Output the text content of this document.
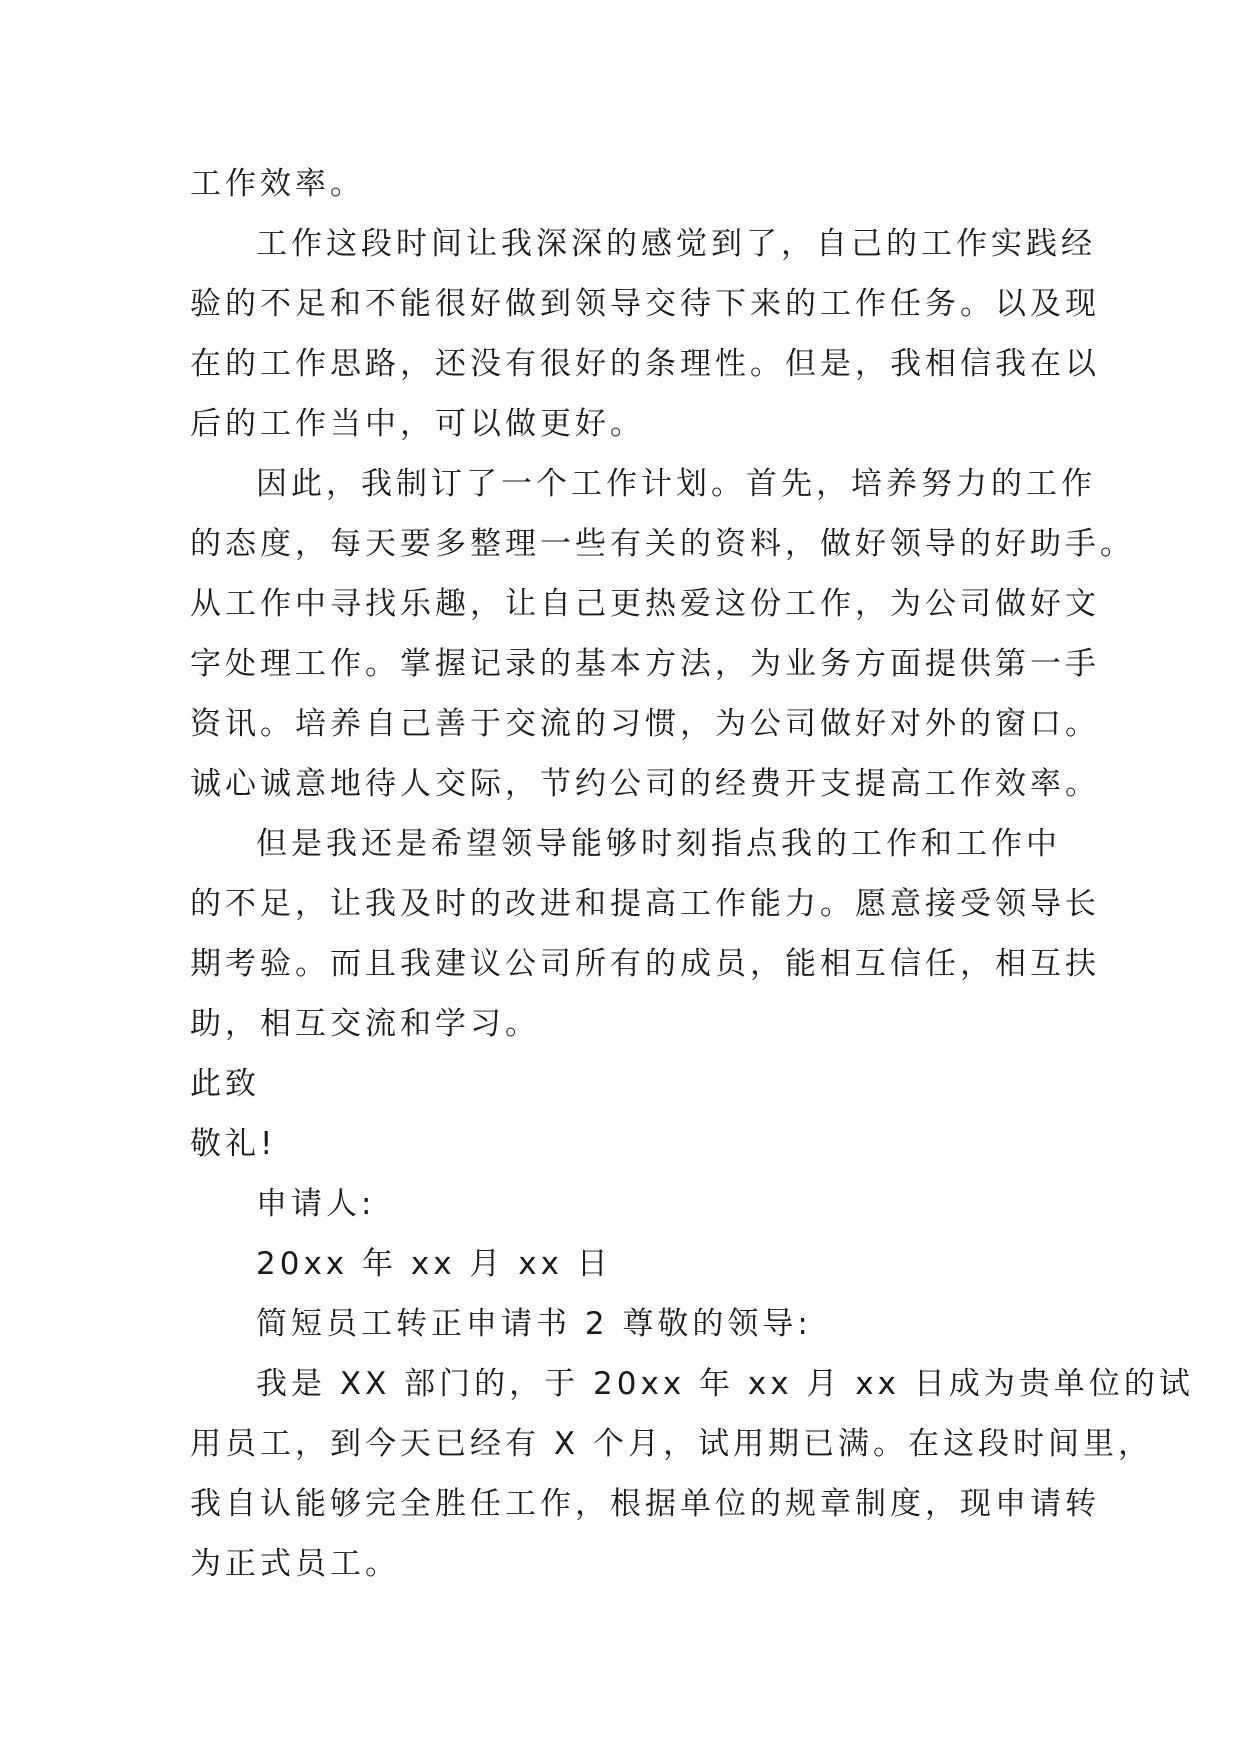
工作效率。
工作这段时间让我深深的感觉到了，自己的工作实践经
验的不足和不能很好做到领导交待下来的工作任务。以及现
在的工作思路，还没有很好的条理性。但是，我相信我在以
后的工作当中，可以做更好。
因此，我制订了一个工作计划。首先，培养努力的工作
的态度，每天要多整理一些有关的资料，做好领导的好助手。
从工作中寻找乐趣，让自己更热爱这份工作，为公司做好文
字处理工作。掌握记录的基本方法，为业务方面提供第一手
资讯。培养自己善于交流的习惯，为公司做好对外的窗口。
诚心诚意地待人交际，节约公司的经费开支提高工作效率。
但是我还是希望领导能够时刻指点我的工作和工作中
的不足，让我及时的改进和提高工作能力。愿意接受领导长
期考验。而且我建议公司所有的成员，能相互信任，相互扶
助，相互交流和学习。
此致
敬礼!
申请人:
20xx 年 xx 月 xx 日
简短员工转正申请书 2 尊敬的领导:
我是 XX 部门的，于 20xx 年 xx 月 xx 日成为贵单位的试
用员工，到今天已经有 X 个月，试用期已满。在这段时间里，
我自认能够完全胜任工作，根据单位的规章制度，现申请转
为正式员工。
